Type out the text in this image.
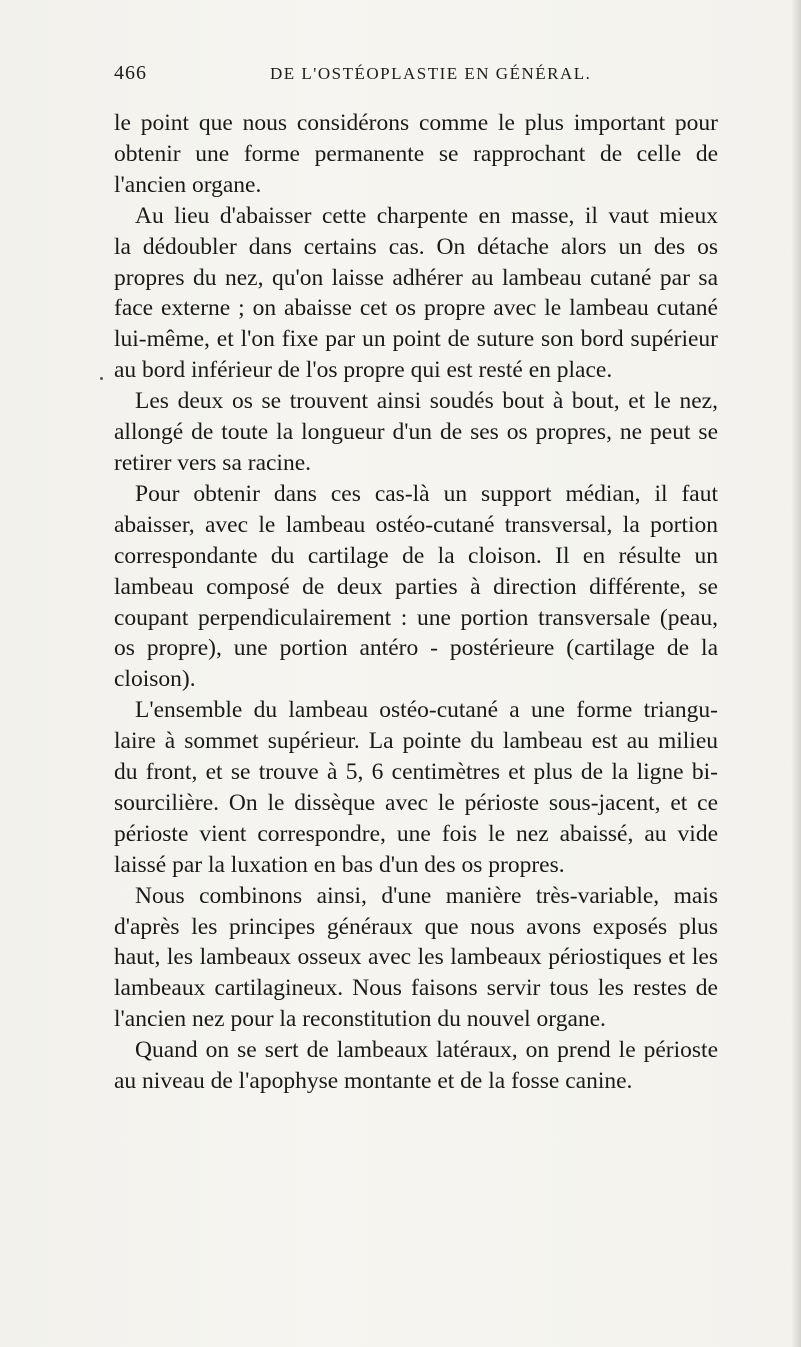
466	DE L'OSTÉOPLASTIE EN GÉNÉRAL.

le point que nous considérons comme le plus important pour
obtenir une forme permanente se rapprochant de celle de
l'ancien organe.

Au lieu d'abaisser cette charpente en masse, il vaut mieux
la dédoubler dans certains cas. On détache alors un des os
propres du nez, qu'on laisse adhérer au lambeau cutané par sa
face externe ; on abaisse cet os propre avec le lambeau cutané
lui-même, et l'on fixe par un point de suture son bord supérieur
au bord inférieur de l'os propre qui est resté en place.

Les deux os se trouvent ainsi soudés bout à bout, et le nez,
allongé de toute la longueur d'un de ses os propres, ne peut se
retirer vers sa racine.

Pour obtenir dans ces cas-là un support médian, il faut
abaisser, avec le lambeau ostéo-cutané transversal, la portion
correspondante du cartilage de la cloison. Il en résulte un
lambeau composé de deux parties à direction différente, se
coupant perpendiculairement : une portion transversale (peau,
os propre), une portion antéro - postérieure (cartilage de la
cloison).

L'ensemble du lambeau ostéo-cutané a une forme triangu-
laire à sommet supérieur. La pointe du lambeau est au milieu
du front, et se trouve à 5, 6 centimètres et plus de la ligne bi-
sourcilière. On le dissèque avec le périoste sous-jacent, et ce
périoste vient correspondre, une fois le nez abaissé, au vide
laissé par la luxation en bas d'un des os propres.

Nous combinons ainsi, d'une manière très-variable, mais
d'après les principes généraux que nous avons exposés plus
haut, les lambeaux osseux avec les lambeaux périostiques et les
lambeaux cartilagineux. Nous faisons servir tous les restes de
l'ancien nez pour la reconstitution du nouvel organe.

Quand on se sert de lambeaux latéraux, on prend le périoste
au niveau de l'apophyse montante et de la fosse canine.
